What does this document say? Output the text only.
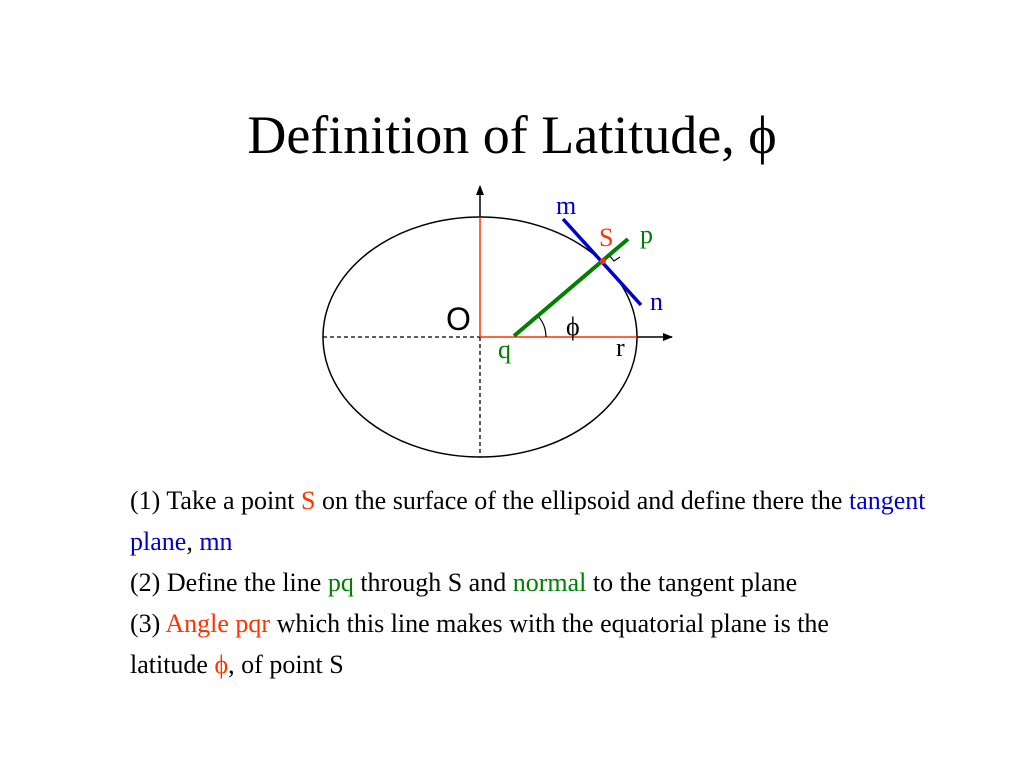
Definition of Latitude, ϕ
O
m
S p
n
q	r
ϕ

(1) Take a point S on the surface of the ellipsoid and define there the tangent plane, mn

(2) Define the line pq through S and normal to the tangent plane

(3) Angle pqr which this line makes with the equatorial plane is the latitude ϕ, of point S
